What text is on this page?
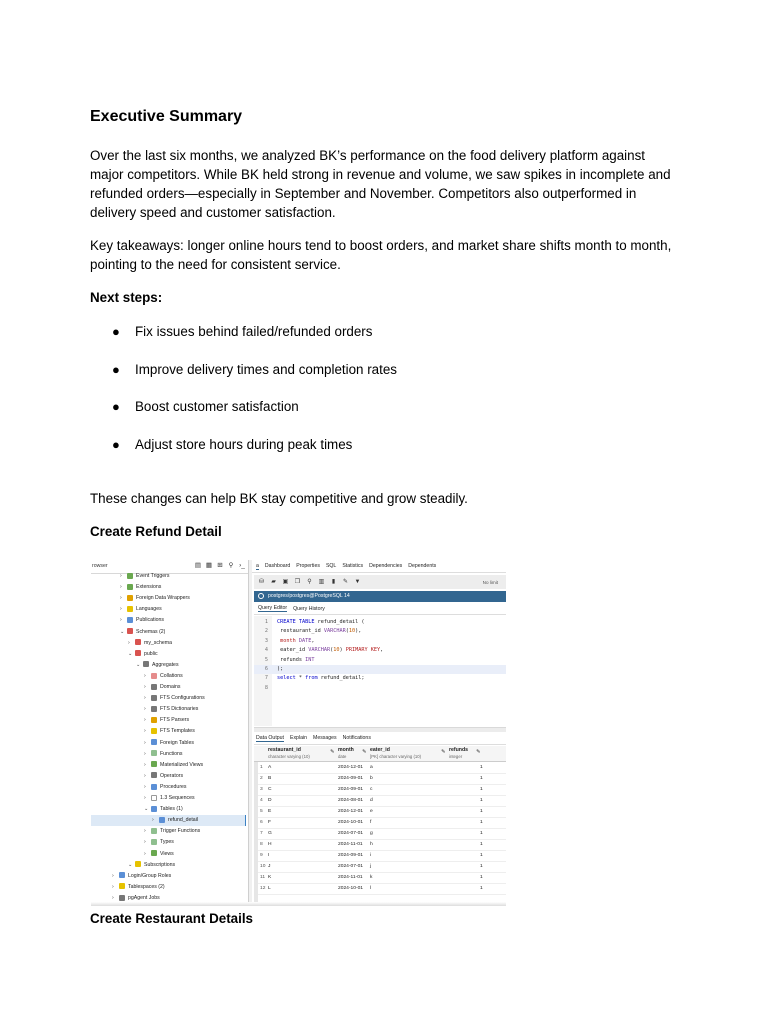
Executive Summary

Over the last six months, we analyzed BK’s performance on the food delivery platform against major competitors. While BK held strong in revenue and volume, we saw spikes in incomplete and refunded orders—especially in September and November. Competitors also outperformed in delivery speed and customer satisfaction.

Key takeaways: longer online hours tend to boost orders, and market share shifts month to month, pointing to the need for consistent service.

Next steps:

● Fix issues behind failed/refunded orders
● Improve delivery times and completion rates
● Boost customer satisfaction
● Adjust store hours during peak times

These changes can help BK stay competitive and grow steadily.

Create Refund Detail

rowser	▤ ▦ ⊞ ⚲ ›_
›	Event Triggers
›	Extensions
›	Foreign Data Wrappers
›	Languages
›	Publications
⌄ Schemas (2)
›	my_schema
⌄ public
⌄ Aggregates
›	Collations
›	Domains
›	FTS Configurations
›	FTS Dictionaries
›	FTS Parsers
›	FTS Templates
›	Foreign Tables
›	Functions
›	Materialized Views
›	Operators
›	Procedures
›	1.3 Sequences
⌄ Tables (1)
›	refund_detail
›	Trigger Functions
›	Types
›	Views
⌄ Subscriptions
›	Login/Group Roles
›	Tablespaces (2)
›	pgAgent Jobs
a Dashboard Properties SQL Statistics Dependencies Dependents
⛁ ▰ ▣ ❐ ⚲ ▥	▮	✎ ▼	No limit
postgres/postgres@PostgreSQL 14
Query Editor Query History
1 CREATE TABLE refund_detail (
2 restaurant_id VARCHAR(10),
3 month DATE,
4 eater_id VARCHAR(10) PRIMARY KEY,
5 refunds INT
6 );
7 select * from refund_detail;
8
Data Output Explain Messages Notifications
restaurant_id
character varying (10)
✎ month
date
✎ eater_id
[PK] character varying (10)
✎ refunds
integer
✎
1 A	2024-12-01 a	1
2 B	2024-09-01 b	1
3 C	2024-09-01 c	1
4 D	2024-08-01 d	1
5 E	2024-12-01 e	1
6 F	2024-10-01 f	1
7 G	2024-07-01 g	1
8 H	2024-11-01 h	1
9 I	2024-09-01 i	1
10 J	2024-07-01 j	1
11 K	2024-11-01 k	1
12 L	2024-10-01 l	1

Create Restaurant Details
